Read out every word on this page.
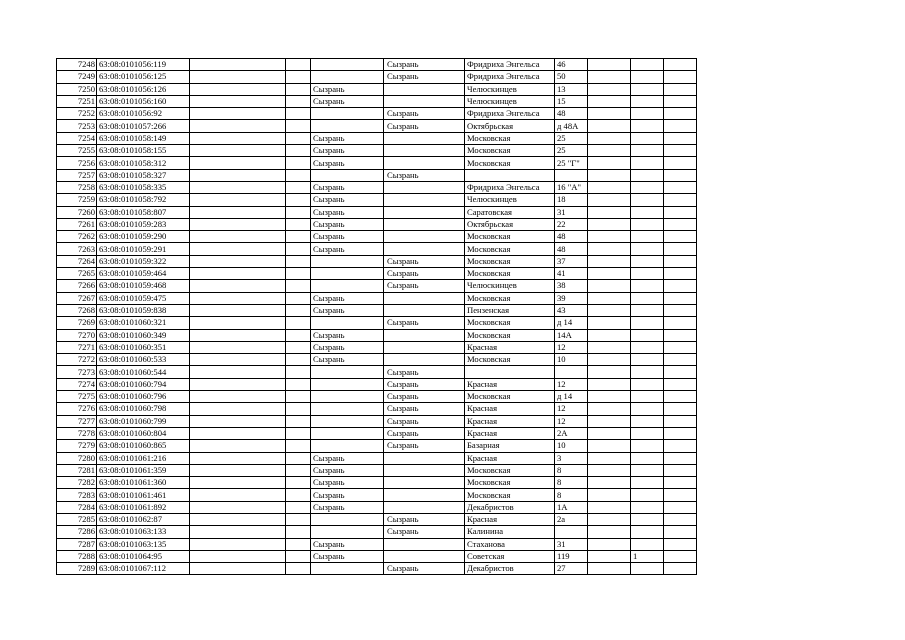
7248	63:08:0101056:119				Сызрань	Фридриха Энгельса	46			
7249	63:08:0101056:125				Сызрань	Фридриха Энгельса	50			
7250	63:08:0101056:126			Сызрань		Челюскинцев	13			
7251	63:08:0101056:160			Сызрань		Челюскинцев	15			
7252	63:08:0101056:92				Сызрань	Фридриха Энгельса	48			
7253	63:08:0101057:266				Сызрань	Октябрьская	д 48А			
7254	63:08:0101058:149			Сызрань		Московская	25			
7255	63:08:0101058:155			Сызрань		Московская	25			
7256	63:08:0101058:312			Сызрань		Московская	25 "Г"			
7257	63:08:0101058:327				Сызрань					
7258	63:08:0101058:335			Сызрань		Фридриха Энгельса	16 "А"			
7259	63:08:0101058:792			Сызрань		Челюскинцев	18			
7260	63:08:0101058:807			Сызрань		Саратовская	31			
7261	63:08:0101059:283			Сызрань		Октябрьская	22			
7262	63:08:0101059:290			Сызрань		Московская	48			
7263	63:08:0101059:291			Сызрань		Московская	48			
7264	63:08:0101059:322				Сызрань	Московская	37			
7265	63:08:0101059:464				Сызрань	Московская	41			
7266	63:08:0101059:468				Сызрань	Челюскинцев	38			
7267	63:08:0101059:475			Сызрань		Московская	39			
7268	63:08:0101059:838			Сызрань		Пензенская	43			
7269	63:08:0101060:321				Сызрань	Московская	д 14			
7270	63:08:0101060:349			Сызрань		Московская	14А			
7271	63:08:0101060:351			Сызрань		Красная	12			
7272	63:08:0101060:533			Сызрань		Московская	10			
7273	63:08:0101060:544				Сызрань					
7274	63:08:0101060:794				Сызрань	Красная	12			
7275	63:08:0101060:796				Сызрань	Московская	д 14			
7276	63:08:0101060:798				Сызрань	Красная	12			
7277	63:08:0101060:799				Сызрань	Красная	12			
7278	63:08:0101060:804				Сызрань	Красная	2А			
7279	63:08:0101060:865				Сызрань	Базарная	10			
7280	63:08:0101061:216			Сызрань		Красная	3			
7281	63:08:0101061:359			Сызрань		Московская	8			
7282	63:08:0101061:360			Сызрань		Московская	8			
7283	63:08:0101061:461			Сызрань		Московская	8			
7284	63:08:0101061:892			Сызрань		Декабристов	1А			
7285	63:08:0101062:87				Сызрань	Красная	2а			
7286	63:08:0101063:133				Сызрань	Калинина				
7287	63:08:0101063:135			Сызрань		Стаханова	31			
7288	63:08:0101064:95			Сызрань		Советская	119		1	
7289	63:08:0101067:112				Сызрань	Декабристов	27			
